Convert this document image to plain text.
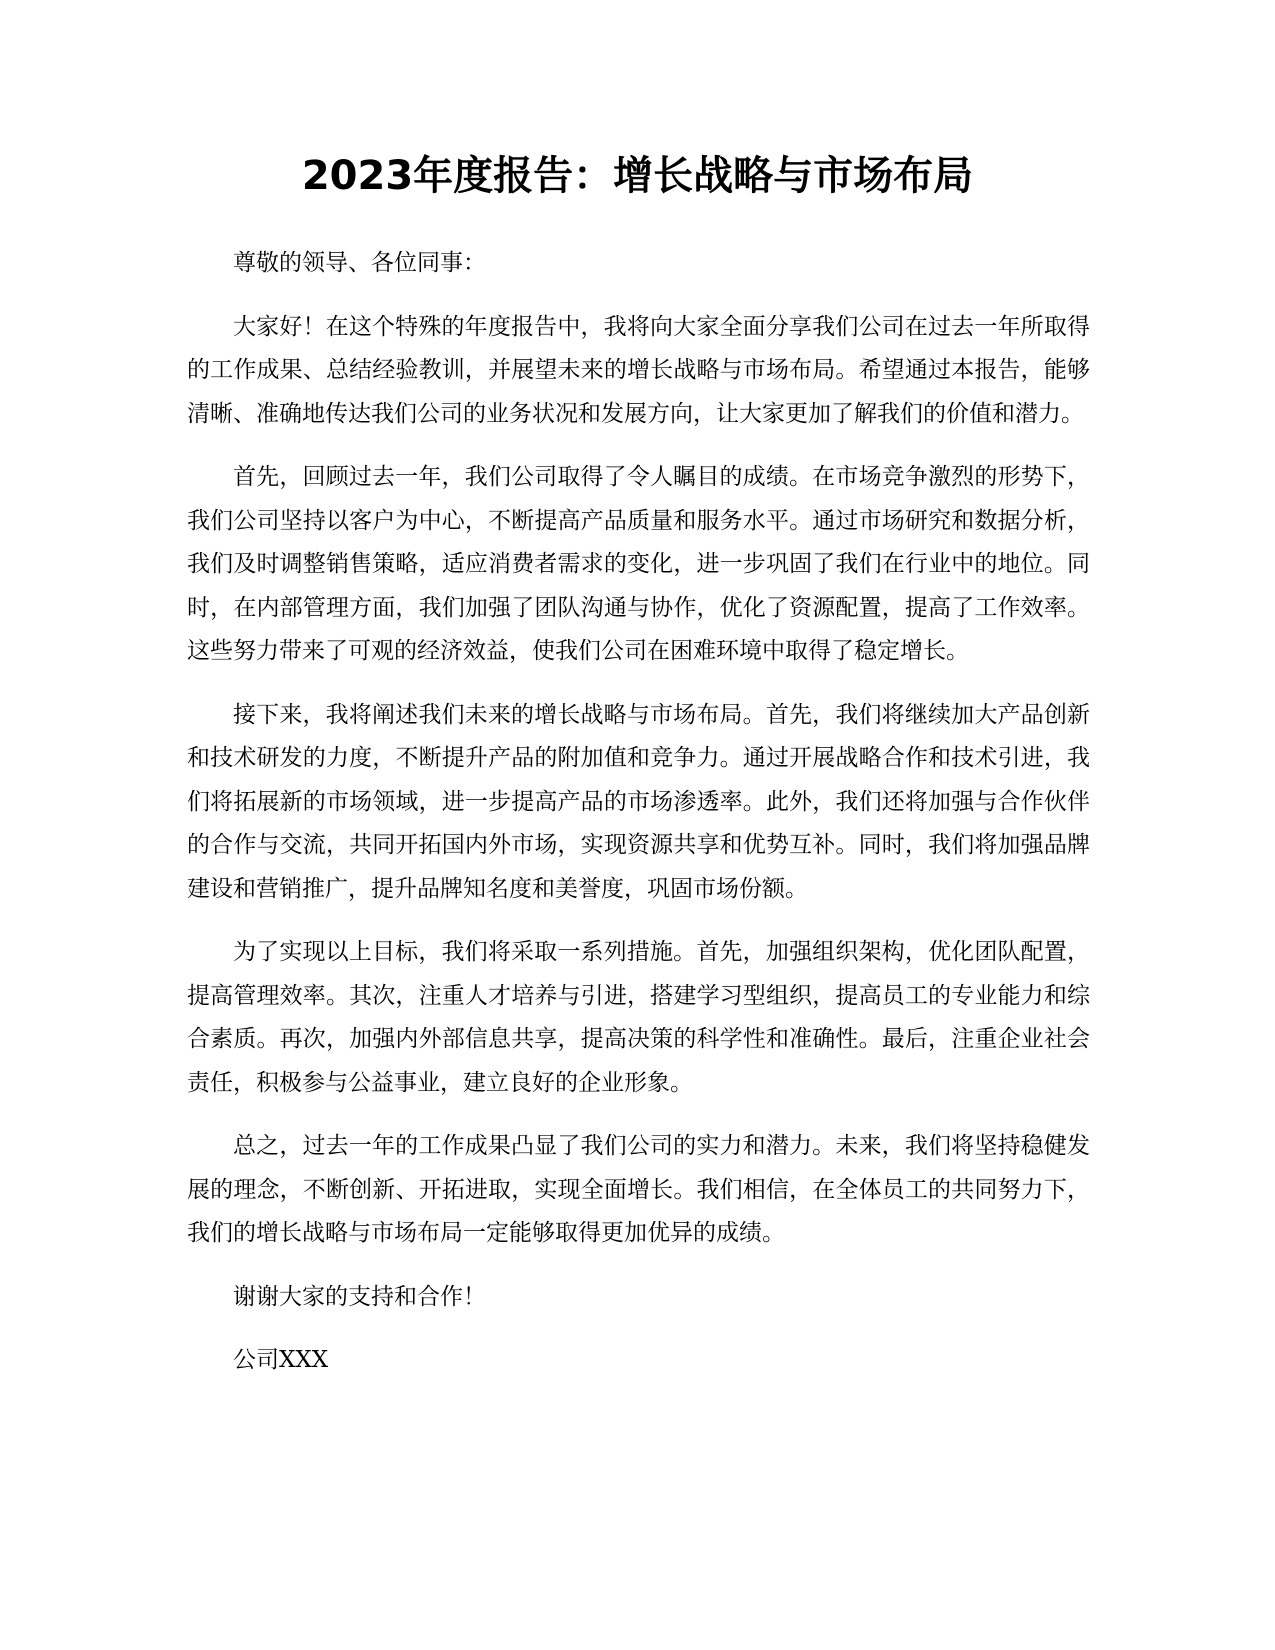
2023年度报告：增长战略与市场布局

尊敬的领导、各位同事：

大家好！在这个特殊的年度报告中，我将向大家全面分享我们公司在过去一年所取得的工作成果、总结经验教训，并展望未来的增长战略与市场布局。希望通过本报告，能够清晰、准确地传达我们公司的业务状况和发展方向，让大家更加了解我们的价值和潜力。

首先，回顾过去一年，我们公司取得了令人瞩目的成绩。在市场竞争激烈的形势下，我们公司坚持以客户为中心，不断提高产品质量和服务水平。通过市场研究和数据分析，我们及时调整销售策略，适应消费者需求的变化，进一步巩固了我们在行业中的地位。同时，在内部管理方面，我们加强了团队沟通与协作，优化了资源配置，提高了工作效率。这些努力带来了可观的经济效益，使我们公司在困难环境中取得了稳定增长。

接下来，我将阐述我们未来的增长战略与市场布局。首先，我们将继续加大产品创新和技术研发的力度，不断提升产品的附加值和竞争力。通过开展战略合作和技术引进，我们将拓展新的市场领域，进一步提高产品的市场渗透率。此外，我们还将加强与合作伙伴的合作与交流，共同开拓国内外市场，实现资源共享和优势互补。同时，我们将加强品牌建设和营销推广，提升品牌知名度和美誉度，巩固市场份额。

为了实现以上目标，我们将采取一系列措施。首先，加强组织架构，优化团队配置，提高管理效率。其次，注重人才培养与引进，搭建学习型组织，提高员工的专业能力和综合素质。再次，加强内外部信息共享，提高决策的科学性和准确性。最后，注重企业社会责任，积极参与公益事业，建立良好的企业形象。

总之，过去一年的工作成果凸显了我们公司的实力和潜力。未来，我们将坚持稳健发展的理念，不断创新、开拓进取，实现全面增长。我们相信，在全体员工的共同努力下，我们的增长战略与市场布局一定能够取得更加优异的成绩。

谢谢大家的支持和合作！

公司XXX
